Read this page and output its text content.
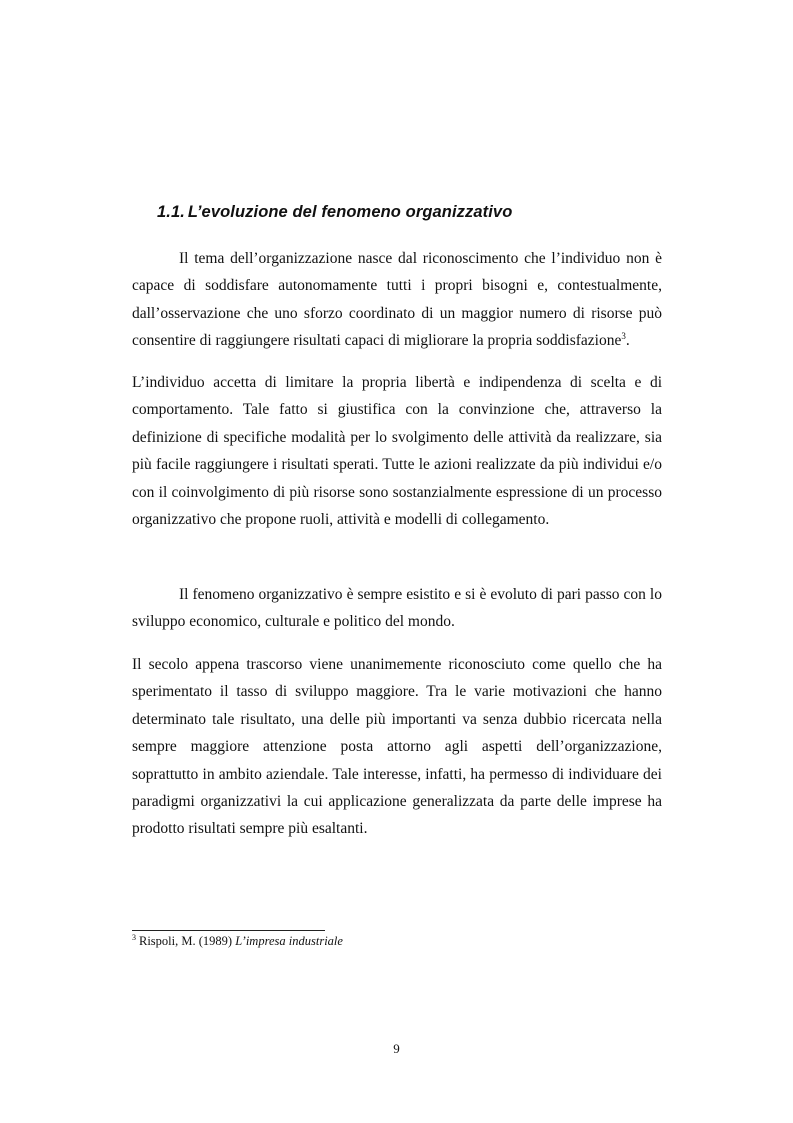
1.1. L’evoluzione del fenomeno organizzativo

Il tema dell’organizzazione nasce dal riconoscimento che l’individuo non è capace di soddisfare autonomamente tutti i propri bisogni e, contestualmente, dall’osservazione che uno sforzo coordinato di un maggior numero di risorse può consentire di raggiungere risultati capaci di migliorare la propria soddisfazione$^3$.

L’individuo accetta di limitare la propria libertà e indipendenza di scelta e di comportamento. Tale fatto si giustifica con la convinzione che, attraverso la definizione di specifiche modalità per lo svolgimento delle attività da realizzare, sia più facile raggiungere i risultati sperati. Tutte le azioni realizzate da più individui e/o con il coinvolgimento di più risorse sono sostanzialmente espressione di un processo organizzativo che propone ruoli, attività e modelli di collegamento.

Il fenomeno organizzativo è sempre esistito e si è evoluto di pari passo con lo sviluppo economico, culturale e politico del mondo.

Il secolo appena trascorso viene unanimemente riconosciuto come quello che ha sperimentato il tasso di sviluppo maggiore. Tra le varie motivazioni che hanno determinato tale risultato, una delle più importanti va senza dubbio ricercata nella sempre maggiore attenzione posta attorno agli aspetti dell’organizzazione, soprattutto in ambito aziendale. Tale interesse, infatti, ha permesso di individuare dei paradigmi organizzativi la cui applicazione generalizzata da parte delle imprese ha prodotto risultati sempre più esaltanti.

$^3$ Rispoli, M. (1989) L’impresa industriale

9
